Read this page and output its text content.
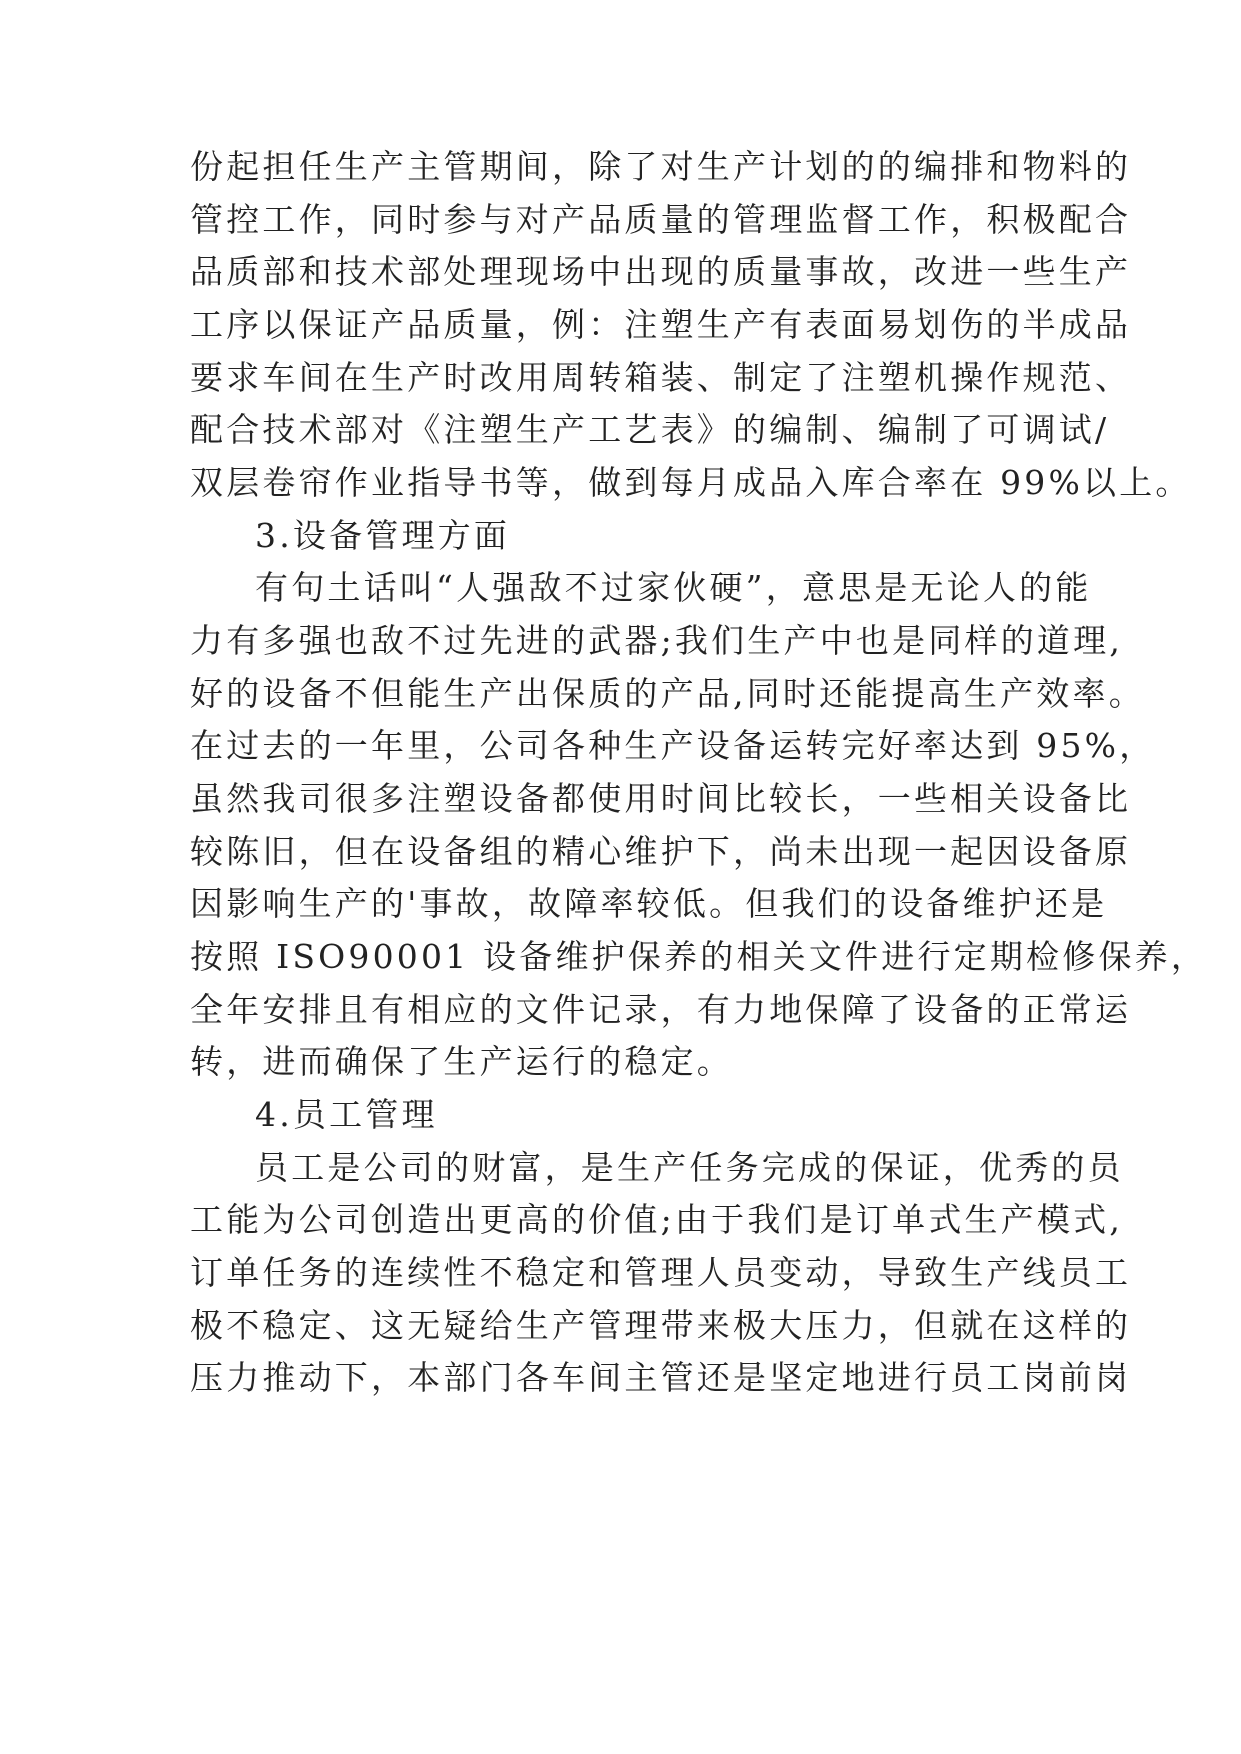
份起担任生产主管期间，除了对生产计划的的编排和物料的
管控工作，同时参与对产品质量的管理监督工作，积极配合
品质部和技术部处理现场中出现的质量事故，改进一些生产
工序以保证产品质量，例：注塑生产有表面易划伤的半成品
要求车间在生产时改用周转箱装、制定了注塑机操作规范、
配合技术部对《注塑生产工艺表》的编制、编制了可调试/
双层卷帘作业指导书等，做到每月成品入库合率在 99%以上。
3.设备管理方面
有句土话叫“人强敌不过家伙硬”，意思是无论人的能
力有多强也敌不过先进的武器;我们生产中也是同样的道理,
好的设备不但能生产出保质的产品,同时还能提高生产效率。
在过去的一年里，公司各种生产设备运转完好率达到 95%，
虽然我司很多注塑设备都使用时间比较长，一些相关设备比
较陈旧，但在设备组的精心维护下，尚未出现一起因设备原
因影响生产的'事故，故障率较低。但我们的设备维护还是
按照 ISO90001 设备维护保养的相关文件进行定期检修保养，
全年安排且有相应的文件记录，有力地保障了设备的正常运
转，进而确保了生产运行的稳定。
4.员工管理
员工是公司的财富，是生产任务完成的保证，优秀的员
工能为公司创造出更高的价值;由于我们是订单式生产模式,
订单任务的连续性不稳定和管理人员变动，导致生产线员工
极不稳定、这无疑给生产管理带来极大压力，但就在这样的
压力推动下，本部门各车间主管还是坚定地进行员工岗前岗
